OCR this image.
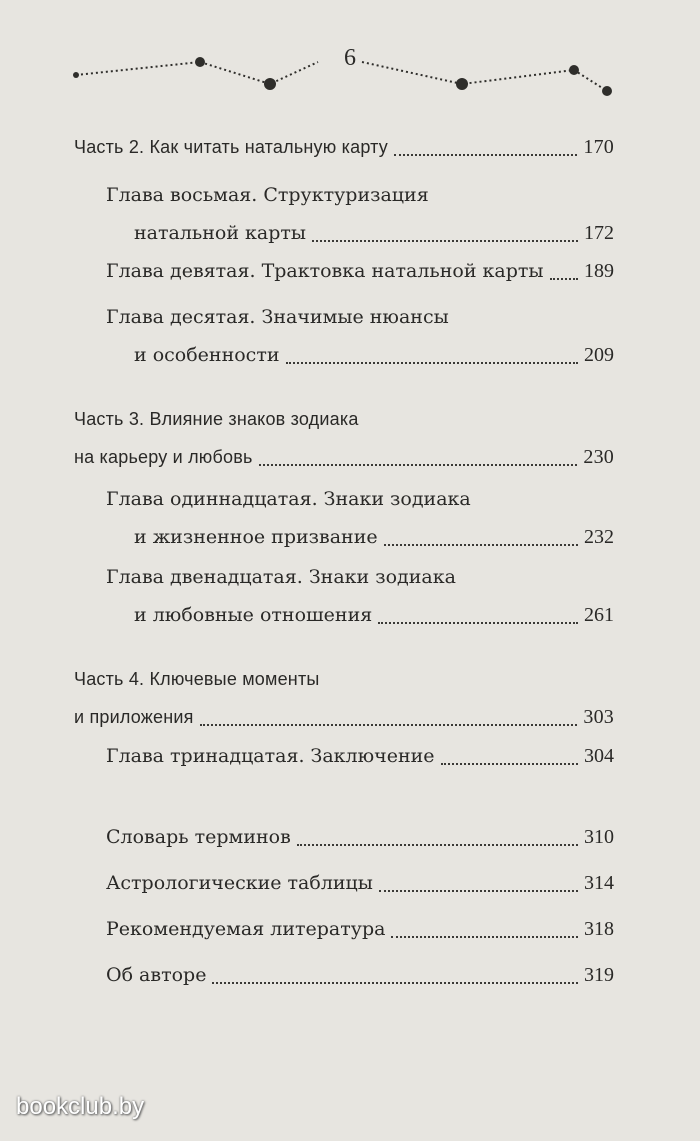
6
Часть 2. Как читать натальную карту	170
Глава восьмая. Структуризация
натальной карты	172
Глава девятая. Трактовка натальной карты 189
Глава десятая. Значимые нюансы
и особенности	209
Часть 3. Влияние знаков зодиака
на карьеру и любовь	230
Глава одиннадцатая. Знаки зодиака
и жизненное призвание	232
Глава двенадцатая. Знаки зодиака
и любовные отношения	261
Часть 4. Ключевые моменты
и приложения	303
Глава тринадцатая. Заключение	304
Словарь терминов	310
Астрологические таблицы	314
Рекомендуемая литература	318
Об авторе	319
bookclub.by
